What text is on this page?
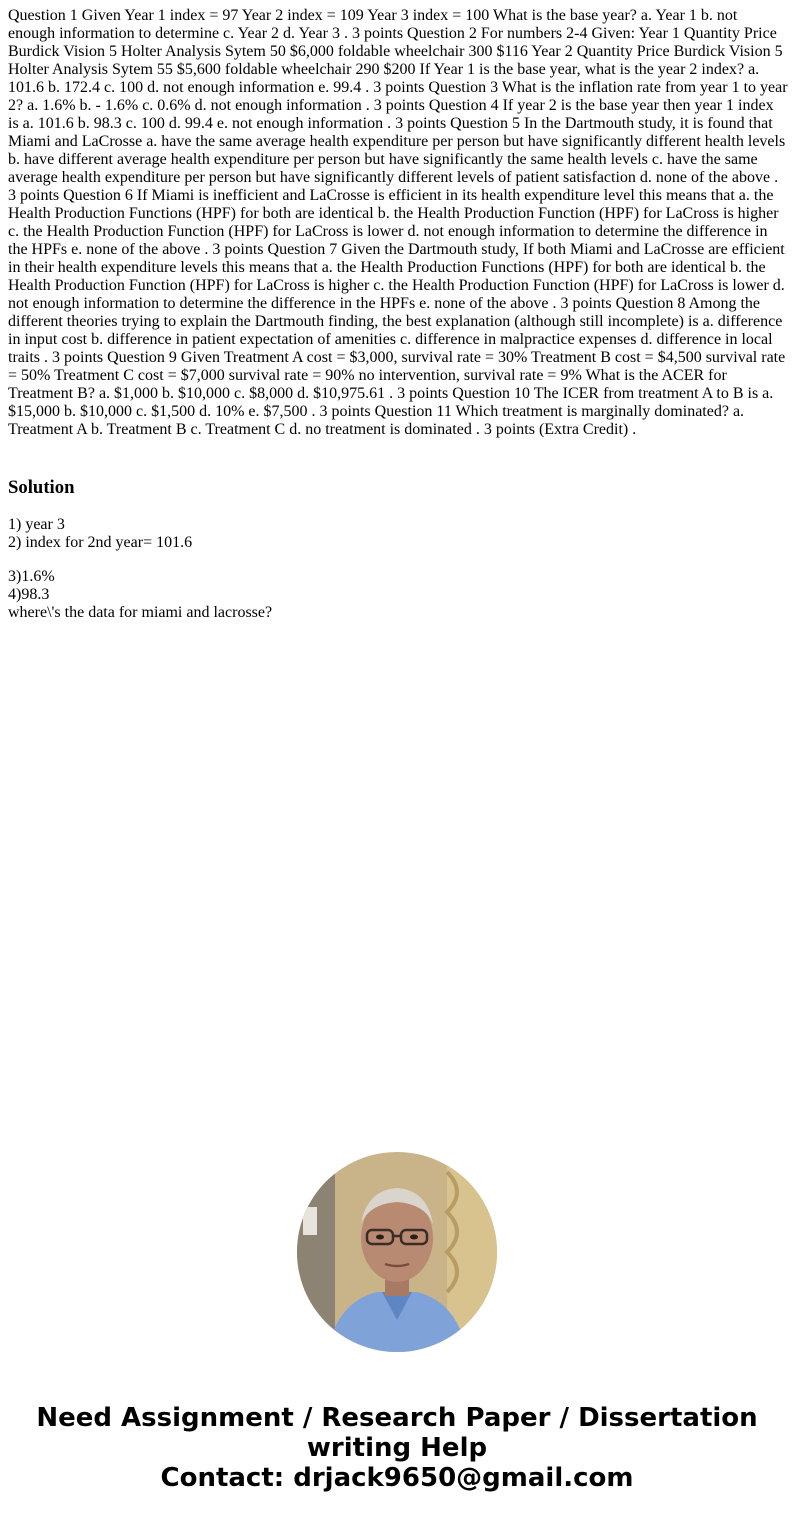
Question 1 Given Year 1 index = 97 Year 2 index = 109 Year 3 index = 100 What is the base year? a. Year 1 b. not enough information to determine c. Year 2 d. Year 3 . 3 points Question 2 For numbers 2-4 Given: Year 1 Quantity Price Burdick Vision 5 Holter Analysis Sytem 50 $6,000 foldable wheelchair 300 $116 Year 2 Quantity Price Burdick Vision 5 Holter Analysis Sytem 55 $5,600 foldable wheelchair 290 $200 If Year 1 is the base year, what is the year 2 index? a. 101.6 b. 172.4 c. 100 d. not enough information e. 99.4 . 3 points Question 3 What is the inflation rate from year 1 to year 2? a. 1.6% b. - 1.6% c. 0.6% d. not enough information . 3 points Question 4 If year 2 is the base year then year 1 index is a. 101.6 b. 98.3 c. 100 d. 99.4 e. not enough information . 3 points Question 5 In the Dartmouth study, it is found that Miami and LaCrosse a. have the same average health expenditure per person but have significantly different health levels b. have different average health expenditure per person but have significantly the same health levels c. have the same average health expenditure per person but have significantly different levels of patient satisfaction d. none of the above . 3 points Question 6 If Miami is inefficient and LaCrosse is efficient in its health expenditure level this means that a. the Health Production Functions (HPF) for both are identical b. the Health Production Function (HPF) for LaCross is higher c. the Health Production Function (HPF) for LaCross is lower d. not enough information to determine the difference in the HPFs e. none of the above . 3 points Question 7 Given the Dartmouth study, If both Miami and LaCrosse are efficient in their health expenditure levels this means that a. the Health Production Functions (HPF) for both are identical b. the Health Production Function (HPF) for LaCross is higher c. the Health Production Function (HPF) for LaCross is lower d. not enough information to determine the difference in the HPFs e. none of the above . 3 points Question 8 Among the different theories trying to explain the Dartmouth finding, the best explanation (although still incomplete) is a. difference in input cost b. difference in patient expectation of amenities c. difference in malpractice expenses d. difference in local traits . 3 points Question 9 Given Treatment A cost = $3,000, survival rate = 30% Treatment B cost = $4,500 survival rate = 50% Treatment C cost = $7,000 survival rate = 90% no intervention, survival rate = 9% What is the ACER for Treatment B? a. $1,000 b. $10,000 c. $8,000 d. $10,975.61 . 3 points Question 10 The ICER from treatment A to B is a. $15,000 b. $10,000 c. $1,500 d. 10% e. $7,500 . 3 points Question 11 Which treatment is marginally dominated? a. Treatment A b. Treatment B c. Treatment C d. no treatment is dominated . 3 points (Extra Credit) .

Solution

1) year 3
2) index for 2nd year= 101.6

3)1.6%
4)98.3
where\'s the data for miami and lacrosse?

Need Assignment / Research Paper / Dissertation
writing Help
Contact: drjack9650@gmail.com
